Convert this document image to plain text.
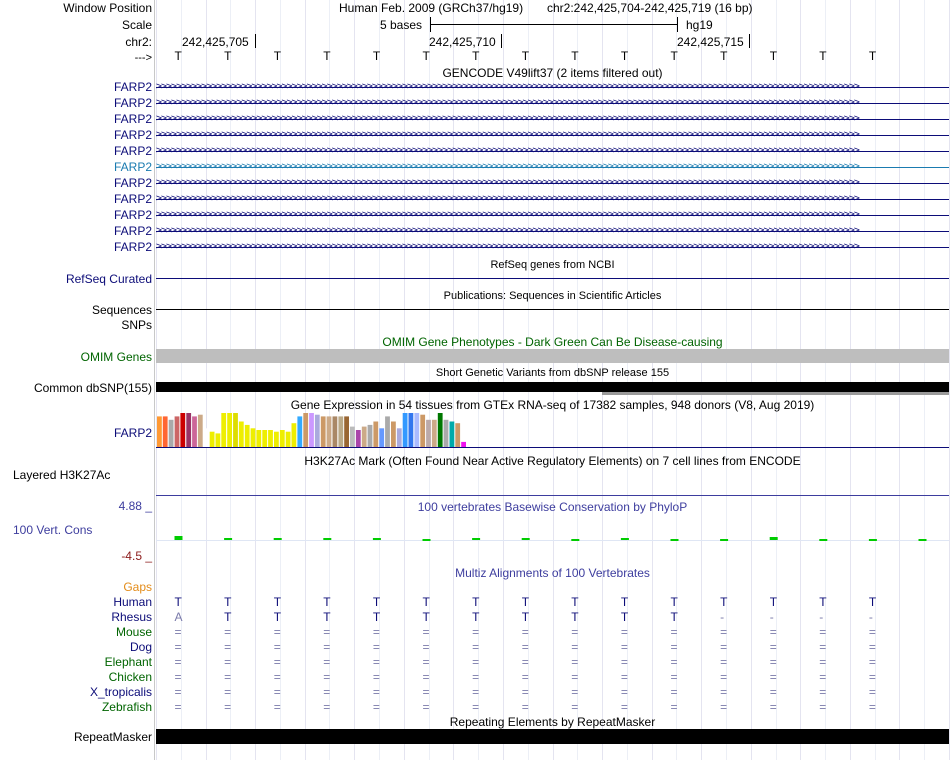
Window Position
Scale
chr2:
--->
Human Feb. 2009 (GRCh37/hg19) chr2:242,425,704-242,425,719 (16 bp)
5 bases	hg19
242,425,705	242,425,710	242,425,715
T	T	T	T	T	T	T	T	T	T	T	T	T	T	T
GENCODE V49lift37 (2 items filtered out)
FARP2 >>>>>>>>>>>>>>>>>>>>>>>>>>>>>>>>>>>>>>>>>>>>>>>>>>>>>>>>>>>>>>>>>>>>>>>>>>>>>>>>>>>>>>>>>>>>>>>>>>>>>>>>>>>>>>>>>>>>>>>>>>>>>>>>>>>>>>>>>>>>
FARP2 >>>>>>>>>>>>>>>>>>>>>>>>>>>>>>>>>>>>>>>>>>>>>>>>>>>>>>>>>>>>>>>>>>>>>>>>>>>>>>>>>>>>>>>>>>>>>>>>>>>>>>>>>>>>>>>>>>>>>>>>>>>>>>>>>>>>>>>>>>>>
FARP2 >>>>>>>>>>>>>>>>>>>>>>>>>>>>>>>>>>>>>>>>>>>>>>>>>>>>>>>>>>>>>>>>>>>>>>>>>>>>>>>>>>>>>>>>>>>>>>>>>>>>>>>>>>>>>>>>>>>>>>>>>>>>>>>>>>>>>>>>>>>>
FARP2 >>>>>>>>>>>>>>>>>>>>>>>>>>>>>>>>>>>>>>>>>>>>>>>>>>>>>>>>>>>>>>>>>>>>>>>>>>>>>>>>>>>>>>>>>>>>>>>>>>>>>>>>>>>>>>>>>>>>>>>>>>>>>>>>>>>>>>>>>>>>
FARP2 >>>>>>>>>>>>>>>>>>>>>>>>>>>>>>>>>>>>>>>>>>>>>>>>>>>>>>>>>>>>>>>>>>>>>>>>>>>>>>>>>>>>>>>>>>>>>>>>>>>>>>>>>>>>>>>>>>>>>>>>>>>>>>>>>>>>>>>>>>>>
FARP2 >>>>>>>>>>>>>>>>>>>>>>>>>>>>>>>>>>>>>>>>>>>>>>>>>>>>>>>>>>>>>>>>>>>>>>>>>>>>>>>>>>>>>>>>>>>>>>>>>>>>>>>>>>>>>>>>>>>>>>>>>>>>>>>>>>>>>>>>>>>>
FARP2 >>>>>>>>>>>>>>>>>>>>>>>>>>>>>>>>>>>>>>>>>>>>>>>>>>>>>>>>>>>>>>>>>>>>>>>>>>>>>>>>>>>>>>>>>>>>>>>>>>>>>>>>>>>>>>>>>>>>>>>>>>>>>>>>>>>>>>>>>>>>
FARP2 >>>>>>>>>>>>>>>>>>>>>>>>>>>>>>>>>>>>>>>>>>>>>>>>>>>>>>>>>>>>>>>>>>>>>>>>>>>>>>>>>>>>>>>>>>>>>>>>>>>>>>>>>>>>>>>>>>>>>>>>>>>>>>>>>>>>>>>>>>>>
FARP2 >>>>>>>>>>>>>>>>>>>>>>>>>>>>>>>>>>>>>>>>>>>>>>>>>>>>>>>>>>>>>>>>>>>>>>>>>>>>>>>>>>>>>>>>>>>>>>>>>>>>>>>>>>>>>>>>>>>>>>>>>>>>>>>>>>>>>>>>>>>>
FARP2 >>>>>>>>>>>>>>>>>>>>>>>>>>>>>>>>>>>>>>>>>>>>>>>>>>>>>>>>>>>>>>>>>>>>>>>>>>>>>>>>>>>>>>>>>>>>>>>>>>>>>>>>>>>>>>>>>>>>>>>>>>>>>>>>>>>>>>>>>>>>
FARP2 >>>>>>>>>>>>>>>>>>>>>>>>>>>>>>>>>>>>>>>>>>>>>>>>>>>>>>>>>>>>>>>>>>>>>>>>>>>>>>>>>>>>>>>>>>>>>>>>>>>>>>>>>>>>>>>>>>>>>>>>>>>>>>>>>>>>>>>>>>>>
RefSeq genes from NCBI
RefSeq Curated
Publications: Sequences in Scientific Articles
Sequences
SNPs
OMIM Gene Phenotypes - Dark Green Can Be Disease-causing
OMIM Genes
Short Genetic Variants from dbSNP release 155
Common dbSNP(155)
Gene Expression in 54 tissues from GTEx RNA-seq of 17382 samples, 948 donors (V8, Aug 2019)
FARP2
H3K27Ac Mark (Often Found Near Active Regulatory Elements) on 7 cell lines from ENCODE
Layered H3K27Ac
100 vertebrates Basewise Conservation by PhyloP
4.88 _
100 Vert. Cons
-4.5 _
Multiz Alignments of 100 Vertebrates
Gaps
Human T	T	T	T	T	T	T	T	T	T	T	T	T	T	T
Rhesus A	T	T	T	T	T	T	T	T	T	T	-	-	-	-
Mouse =	=	=	=	=	=	=	=	=	=	=	=	=	=	=
Dog =	=	=	=	=	=	=	=	=	=	=	=	=	=	=
Elephant =	=	=	=	=	=	=	=	=	=	=	=	=	=	=
Chicken =	=	=	=	=	=	=	=	=	=	=	=	=	=	=
X_tropicalis =	=	=	=	=	=	=	=	=	=	=	=	=	=	=
Zebrafish =	=	=	=	=	=	=	=	=	=	=	=	=	=	=
Repeating Elements by RepeatMasker
RepeatMasker
